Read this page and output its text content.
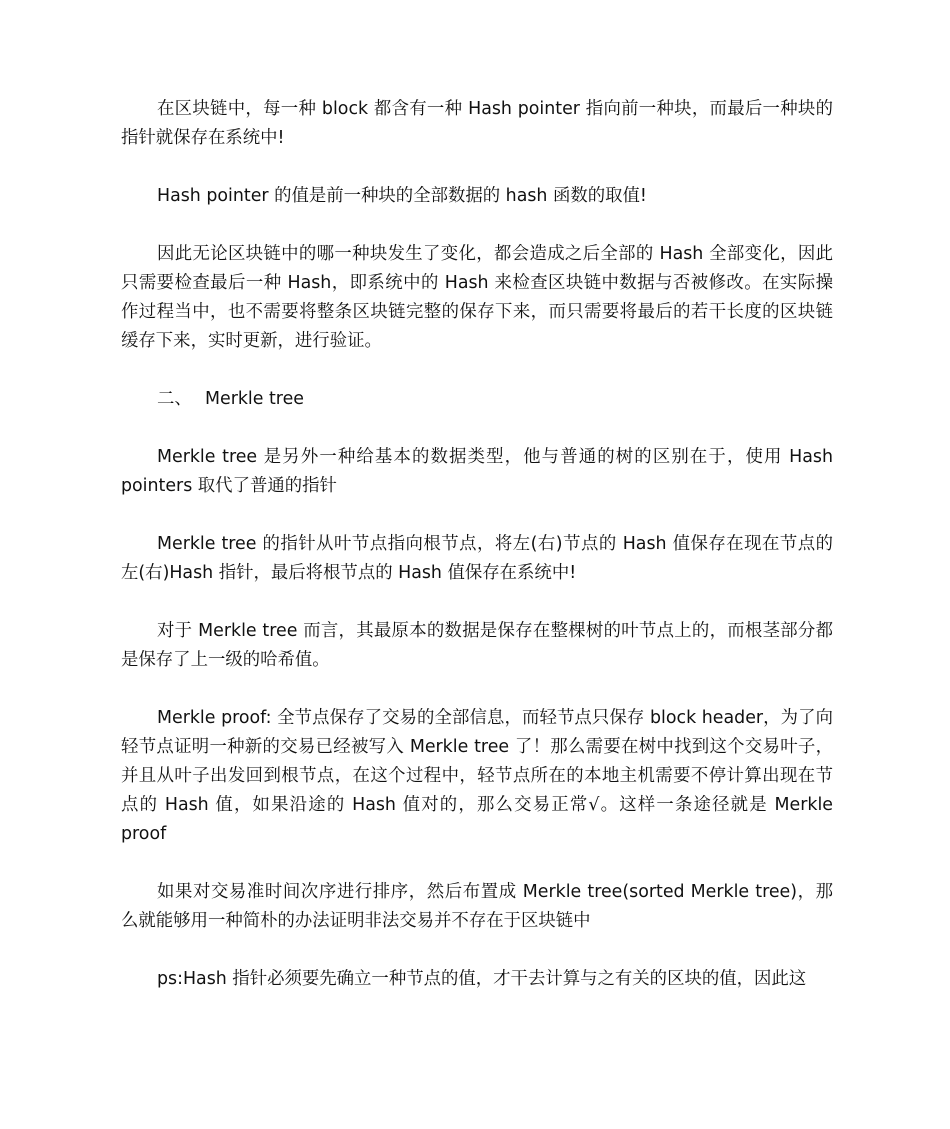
在区块链中，每一种 block 都含有一种 Hash pointer 指向前一种块，而最后一种块的指针就保存在系统中!

Hash pointer 的值是前一种块的全部数据的 hash 函数的取值!

因此无论区块链中的哪一种块发生了变化，都会造成之后全部的 Hash 全部变化，因此只需要检查最后一种 Hash，即系统中的 Hash 来检查区块链中数据与否被修改。在实际操作过程当中，也不需要将整条区块链完整的保存下来，而只需要将最后的若干长度的区块链缓存下来，实时更新，进行验证。

二、 Merkle tree

Merkle tree 是另外一种给基本的数据类型，他与普通的树的区别在于，使用 Hash pointers 取代了普通的指针

Merkle tree 的指针从叶节点指向根节点，将左(右)节点的 Hash 值保存在现在节点的左(右)Hash 指针，最后将根节点的 Hash 值保存在系统中!

对于 Merkle tree 而言，其最原本的数据是保存在整棵树的叶节点上的，而根茎部分都是保存了上一级的哈希值。

Merkle proof: 全节点保存了交易的全部信息，而轻节点只保存 block header，为了向轻节点证明一种新的交易已经被写入 Merkle tree 了！那么需要在树中找到这个交易叶子，并且从叶子出发回到根节点，在这个过程中，轻节点所在的本地主机需要不停计算出现在节点的 Hash 值，如果沿途的 Hash 值对的，那么交易正常√。这样一条途径就是 Merkle proof

如果对交易准时间次序进行排序，然后布置成 Merkle tree(sorted Merkle tree)，那么就能够用一种简朴的办法证明非法交易并不存在于区块链中

ps:Hash 指针必须要先确立一种节点的值，才干去计算与之有关的区块的值，因此这
